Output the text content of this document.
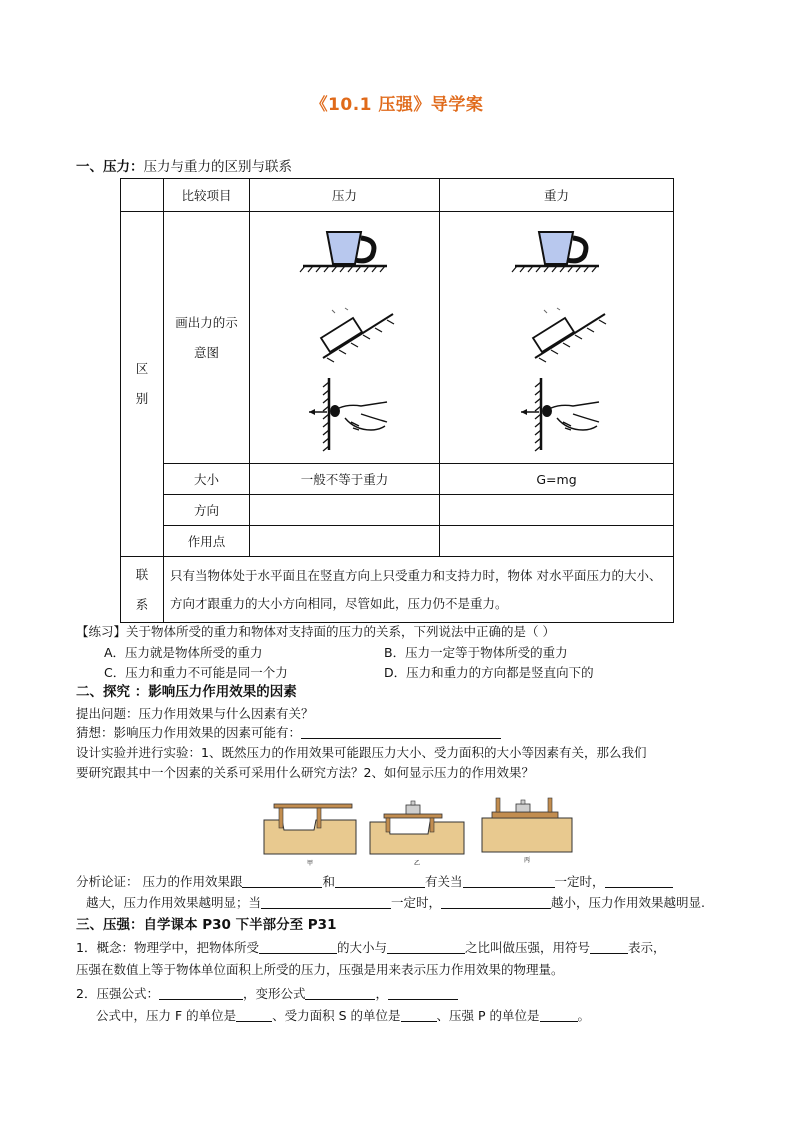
《10.1 压强》导学案
一、压力：压力与重力的区别与联系
	比较项目	压力	重力
区
别	画出力的示
意图	

	大小	一般不等于重力	G=mg
	方向		
	作用点		
联
系	只有当物体处于水平面且在竖直方向上只受重力和支持力时，物体 对水平面压力的大小、方向才跟重力的大小方向相同，尽管如此，压力仍不是重力。		
【练习】关于物体所受的重力和物体对支持面的压力的关系，下列说法中正确的是（ ）
A．压力就是物体所受的重力	B．压力一定等于物体所受的重力
C．压力和重力不可能是同一个力	D．压力和重力的方向都是竖直向下的
二、探究 ：影响压力作用效果的因素
提出问题：压力作用效果与什么因素有关？
猜想：影响压力作用效果的因素可能有：
设计实验并进行实验：1、既然压力的作用效果可能跟压力大小、受力面积的大小等因素有关，那么我们
要研究跟其中一个因素的关系可采用什么研究方法？2、如何显示压力的作用效果？
甲	乙	丙
分析论证： 压力的作用效果跟	和	有关当	一定时，
越大，压力作用效果越明显；当	一定时，	越小，压力作用效果越明显.
三、压强：自学课本 P30 下半部分至 P31
1．概念：物理学中，把物体所受	的大小与	之比叫做压强，用符号	表示，
压强在数值上等于物体单位面积上所受的压力，压强是用来表示压力作用效果的物理量。
2．压强公式：	，变形公式	，
公式中，压力 F 的单位是	、受力面积 S 的单位是	、压强 P 的单位是	。
